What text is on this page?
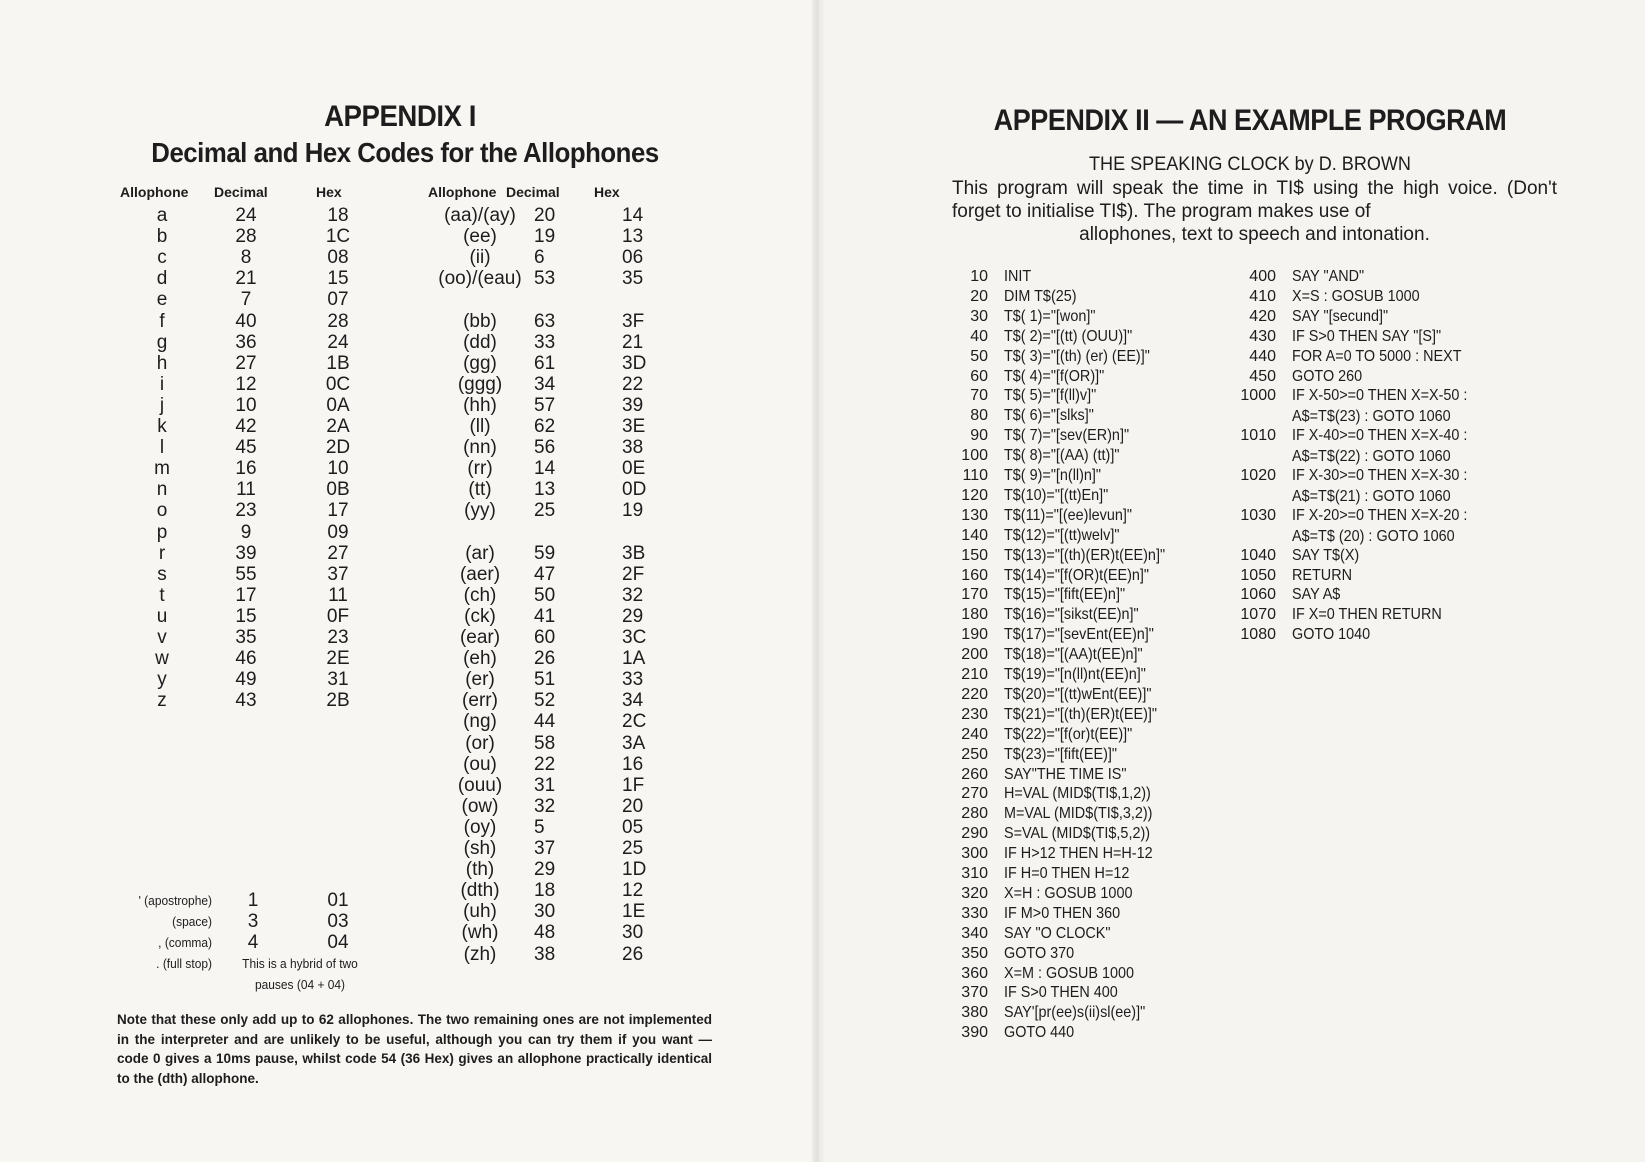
APPENDIX I
Decimal and Hex Codes for the Allophones
Allophone Decimal	Hex
a	24	18
b	28	1C
c	8	08
d	21	15
e	7	07
f	40	28
g	36	24
h	27	1B
i	12	0C
j	10	0A
k	42	2A
l	45	2D
m	16	10
n	11	0B
o	23	17
p	9	09
r	39	27
s	55	37
t	17	11
u	15	0F
v	35	23
w	46	2E
y	49	31
z	43	2B
Allophone Decimal Hex
(aa)/(ay) 20	14
(ee)	19	13
(ii)	6	06
(oo)/(eau) 53	35
(bb)	63	3F
(dd)	33	21
(gg)	61	3D
(ggg)	34	22
(hh)	57	39
(ll)	62	3E
(nn)	56	38
(rr)	14	0E
(tt)	13	0D
(yy)	25	19
(ar)	59	3B
(aer)	47	2F
(ch)	50	32
(ck)	41	29
(ear)	60	3C
(eh)	26	1A
(er)	51	33
(err)	52	34
(ng)	44	2C
(or)	58	3A
(ou)	22	16
(ouu)	31	1F
(ow)	32	20
(oy)	5	05
(sh)	37	25
(th)	29	1D
(dth)	18	12
(uh)	30	1E
(wh)	48	30
(zh)	38	26
' (apostrophe)	1	01
(space)	3	03
, (comma)	4	04
. (full stop)	This is a hybrid of two
pauses (04 + 04)
Note that these only add up to 62 allophones. The two remaining ones are not implemented in the interpreter and are unlikely to be useful, although you can try them if you want — code 0 gives a 10ms pause, whilst code 54 (36 Hex) gives an allophone practically identical to the (dth) allophone.
APPENDIX II — AN EXAMPLE PROGRAM
THE SPEAKING CLOCK by D. BROWN
This program will speak the time in TI$ using the high voice. (Don't forget to initialise TI$). The program makes use of
allophones, text to speech and intonation.
10 INIT
20 DIM T$(25)
30 T$( 1)="[won]"
40 T$( 2)="[(tt) (OUU)]"
50 T$( 3)="[(th) (er) (EE)]"
60 T$( 4)="[f(OR)]"
70 T$( 5)="[f(ll)v]"
80 T$( 6)="[slks]"
90 T$( 7)="[sev(ER)n]"
100 T$( 8)="[(AA) (tt)]"
110 T$( 9)="[n(ll)n]"
120 T$(10)="[(tt)En]"
130 T$(11)="[(ee)levun]"
140 T$(12)="[(tt)welv]"
150 T$(13)="[(th)(ER)t(EE)n]"
160 T$(14)="[f(OR)t(EE)n]"
170 T$(15)="[fift(EE)n]"
180 T$(16)="[sikst(EE)n]"
190 T$(17)="[sevEnt(EE)n]"
200 T$(18)="[(AA)t(EE)n]"
210 T$(19)="[n(ll)nt(EE)n]"
220 T$(20)="[(tt)wEnt(EE)]"
230 T$(21)="[(th)(ER)t(EE)]"
240 T$(22)="[f(or)t(EE)]"
250 T$(23)="[fift(EE)]"
260 SAY"THE TIME IS"
270 H=VAL (MID$(TI$,1,2))
280 M=VAL (MID$(TI$,3,2))
290 S=VAL (MID$(TI$,5,2))
300 IF H>12 THEN H=H-12
310 IF H=0 THEN H=12
320 X=H : GOSUB 1000
330 IF M>0 THEN 360
340 SAY "O CLOCK"
350 GOTO 370
360 X=M : GOSUB 1000
370 IF S>0 THEN 400
380 SAY'[pr(ee)s(ii)sl(ee)]"
390 GOTO 440
400 SAY "AND"
410 X=S : GOSUB 1000
420 SAY "[secund]"
430 IF S>0 THEN SAY "[S]"
440 FOR A=0 TO 5000 : NEXT
450 GOTO 260
1000 IF X-50>=0 THEN X=X-50 :
A$=T$(23) : GOTO 1060
1010 IF X-40>=0 THEN X=X-40 :
A$=T$(22) : GOTO 1060
1020 IF X-30>=0 THEN X=X-30 :
A$=T$(21) : GOTO 1060
1030 IF X-20>=0 THEN X=X-20 :
A$=T$ (20) : GOTO 1060
1040 SAY T$(X)
1050 RETURN
1060 SAY A$
1070 IF X=0 THEN RETURN
1080 GOTO 1040
